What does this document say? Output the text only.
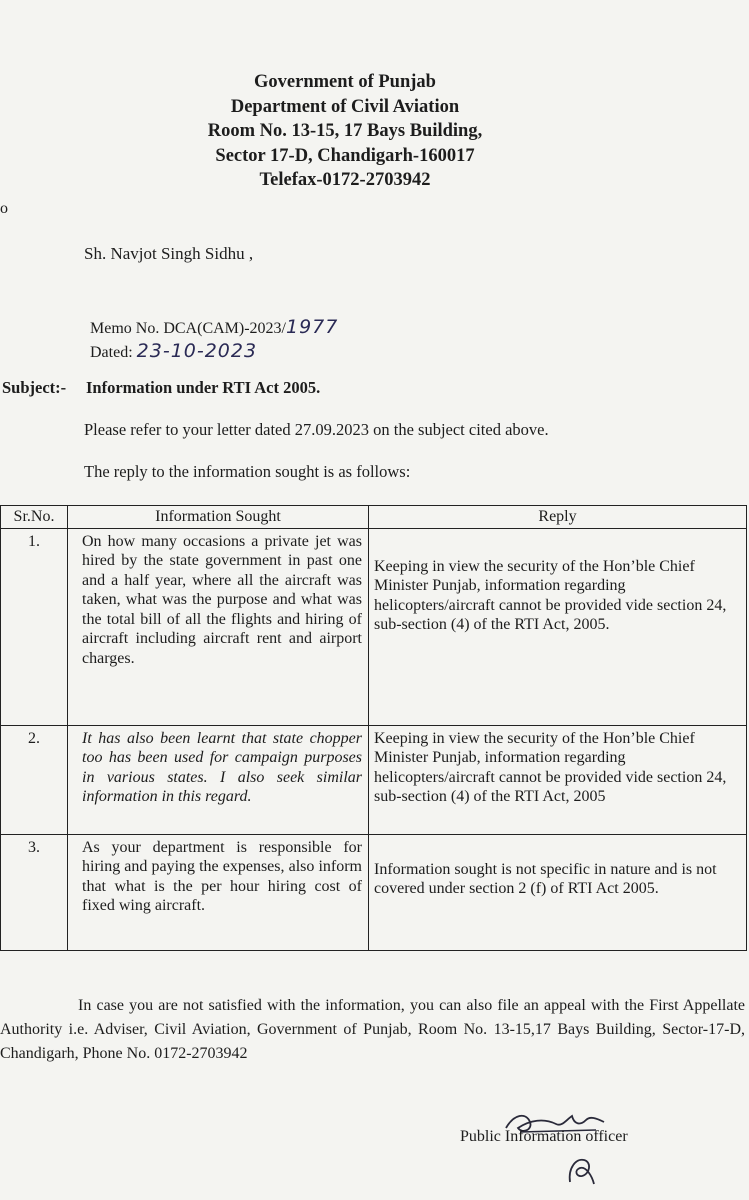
Government of Punjab
Department of Civil Aviation
Room No. 13-15, 17 Bays Building,
Sector 17-D, Chandigarh-160017
Telefax-0172-2703942
o
Sh. Navjot Singh Sidhu ,
Memo No. DCA(CAM)-2023/1977
Dated: 23-10-2023
Subject:- Information under RTI Act 2005.
Please refer to your letter dated 27.09.2023 on the subject cited above.
The reply to the information sought is as follows:
Sr.No.	Information Sought	Reply
1.	On how many occasions a private jet was hired by the state government in past one and a half year, where all the aircraft was taken, what was the purpose and what was the total bill of all the flights and hiring of aircraft including aircraft rent and airport charges.	Keeping in view the security of the Hon’ble Chief Minister Punjab, information regarding helicopters/aircraft cannot be provided vide section 24, sub-section (4) of the RTI Act, 2005.

2.	It has also been learnt that state chopper too has been used for campaign purposes in various states. I also seek similar information in this regard.	Keeping in view the security of the Hon’ble Chief Minister Punjab, information regarding helicopters/aircraft cannot be provided vide section 24, sub-section (4) of the RTI Act, 2005

3.	As your department is responsible for hiring and paying the expenses, also inform that what is the per hour hiring cost of fixed wing aircraft.	Information sought is not specific in nature and is not covered under section 2 (f) of RTI Act 2005.
In case you are not satisfied with the information, you can also file an appeal with the First Appellate Authority i.e. Adviser, Civil Aviation, Government of Punjab, Room No. 13-15,17 Bays Building, Sector-17-D, Chandigarh, Phone No. 0172-2703942
Public Information officer
